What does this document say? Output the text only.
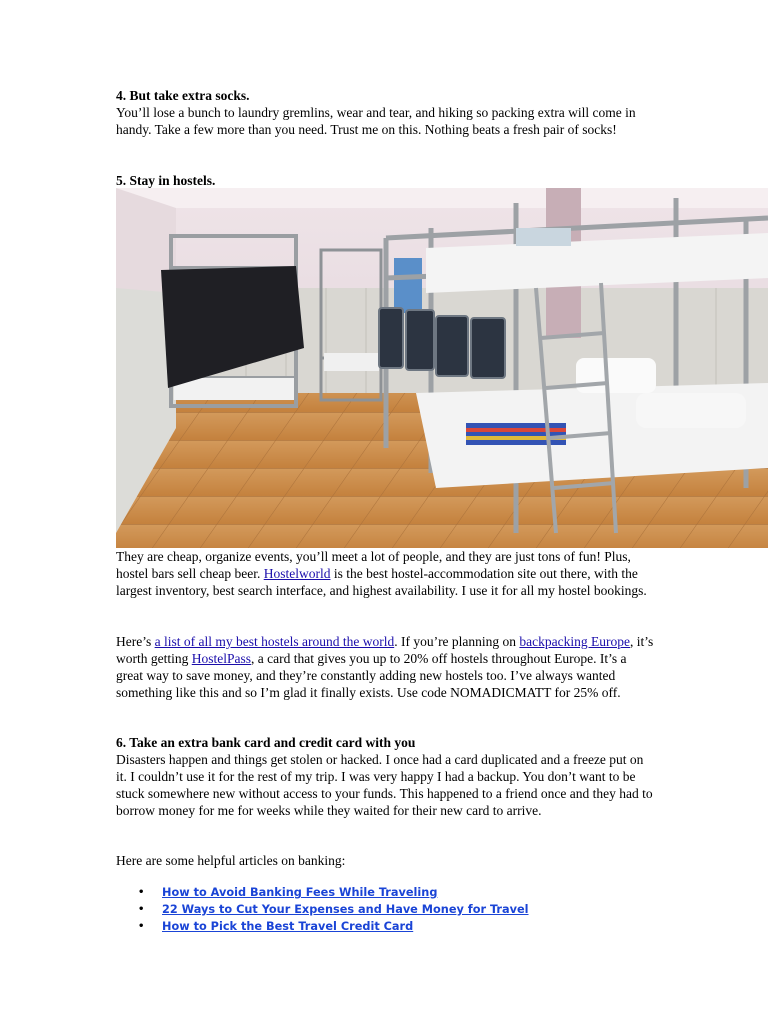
4. But take extra socks.

You’ll lose a bunch to laundry gremlins, wear and tear, and hiking so packing extra will come in handy. Take a few more than you need. Trust me on this. Nothing beats a fresh pair of socks!

5. Stay in hostels.

They are cheap, organize events, you’ll meet a lot of people, and they are just tons of fun! Plus, hostel bars sell cheap beer. Hostelworld is the best hostel-accommodation site out there, with the largest inventory, best search interface, and highest availability. I use it for all my hostel bookings.

Here’s a list of all my best hostels around the world. If you’re planning on backpacking Europe, it’s worth getting HostelPass, a card that gives you up to 20% off hostels throughout Europe. It’s a great way to save money, and they’re constantly adding new hostels too. I’ve always wanted something like this and so I’m glad it finally exists. Use code NOMADICMATT for 25% off.

6. Take an extra bank card and credit card with you

Disasters happen and things get stolen or hacked. I once had a card duplicated and a freeze put on it. I couldn’t use it for the rest of my trip. I was very happy I had a backup. You don’t want to be stuck somewhere new without access to your funds. This happened to a friend once and they had to borrow money for me for weeks while they waited for their new card to arrive.

Here are some helpful articles on banking:

• How to Avoid Banking Fees While Traveling
• 22 Ways to Cut Your Expenses and Have Money for Travel
• How to Pick the Best Travel Credit Card
